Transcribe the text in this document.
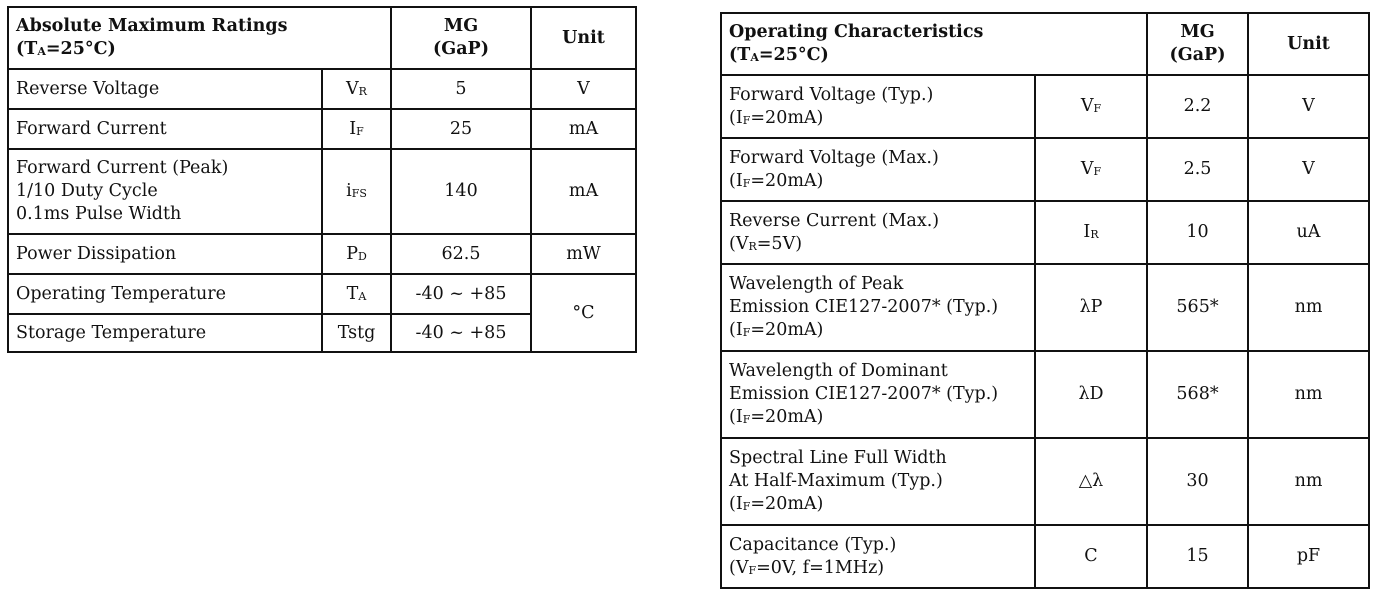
Absolute Maximum Ratings
$(T_A=25^\circ C)$		MG
(GaP)	Unit

Reverse Voltage	$V_R$	5	V

Forward Current	$I_F$	25	mA

Forward Current (Peak)
1/10 Duty Cycle
0.1ms Pulse Width	$i_{FS}$	140	mA

Power Dissipation	$P_D$	62.5	mW

Operating Temperature	$T_A$	-40 ~ +85	°C

Storage Temperature	Tstg	-40 ~ +85	
Operating Characteristics
$(T_A=25^\circ C)$		MG
(GaP)	Unit

Forward Voltage (Typ.)
$(I_F=20mA)$	$V_F$	2.2	V

Forward Voltage (Max.)
$(I_F=20mA)$	$V_F$	2.5	V

Reverse Current (Max.)
$(V_R=5V)$	$I_R$	10	uA

Wavelength of Peak
Emission CIE127-2007* (Typ.)
$(I_F=20mA)$	λP	565*	nm

Wavelength of Dominant
Emission CIE127-2007* (Typ.)
$(I_F=20mA)$	λD	568*	nm

Spectral Line Full Width
At Half-Maximum (Typ.)
$(I_F=20mA)$	△λ	30	nm

Capacitance (Typ.)
($V_F=0V$, f=1MHz)	C	15	pF
